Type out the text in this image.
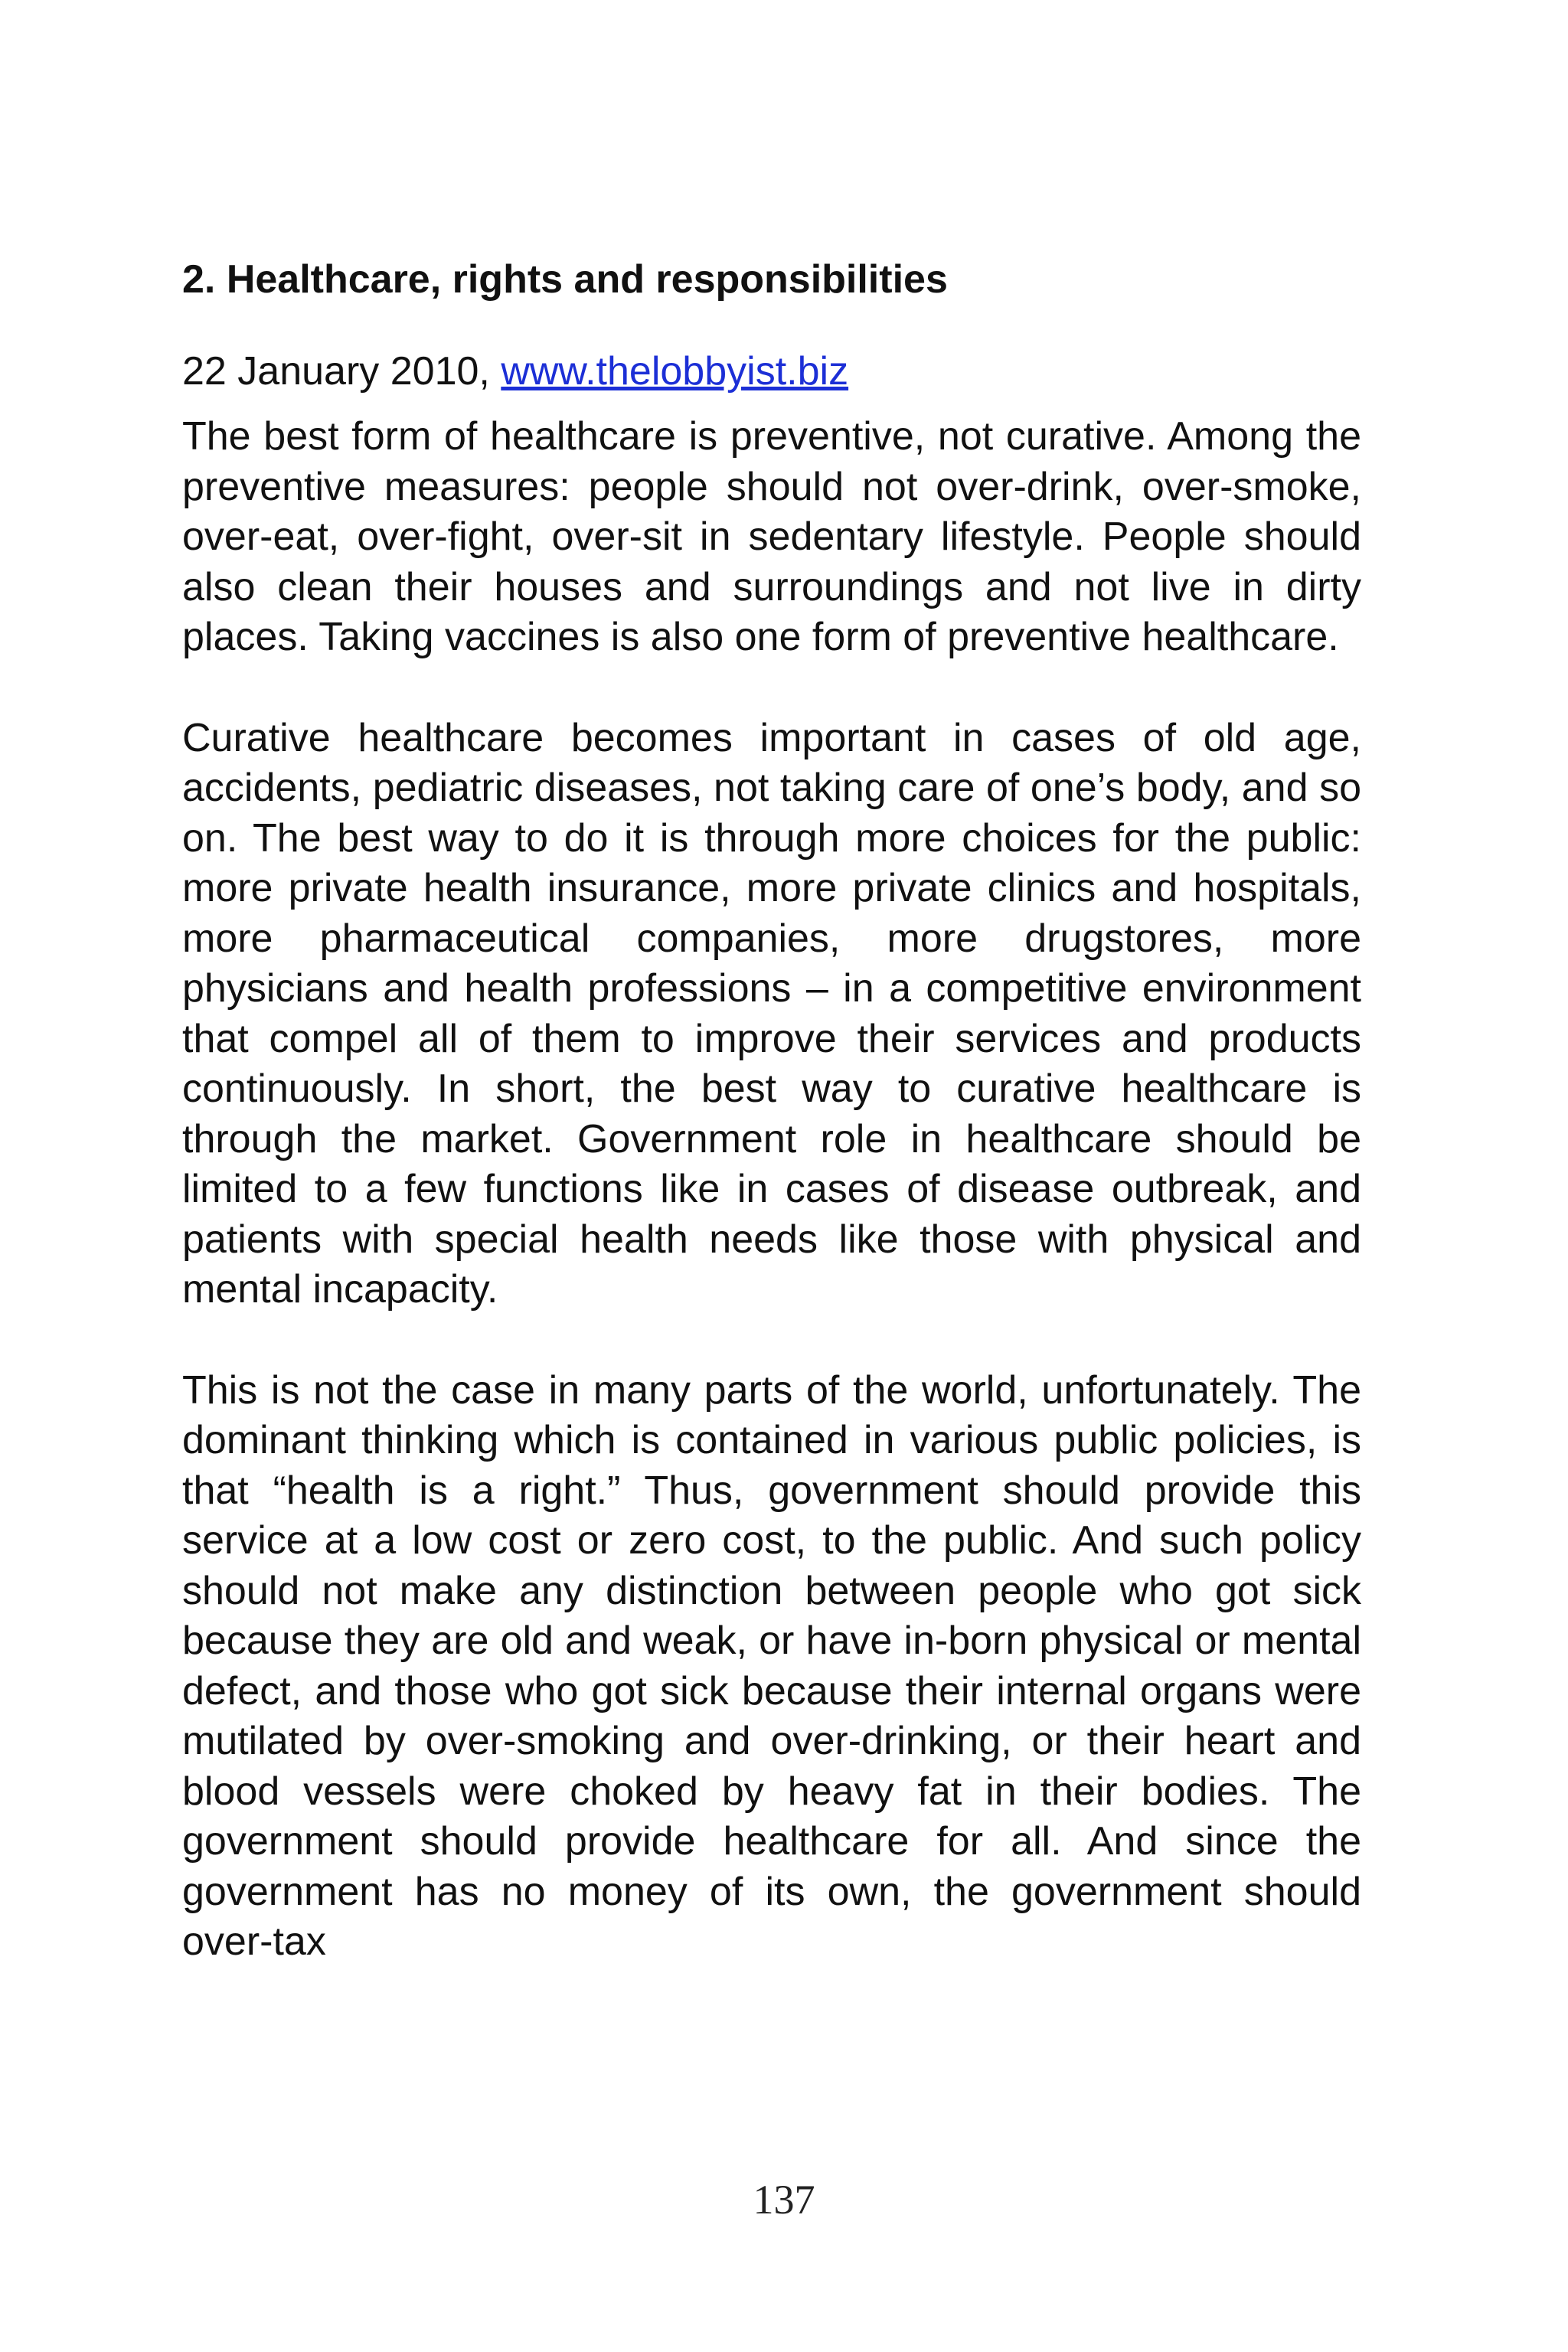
2. Healthcare, rights and responsibilities

22 January 2010, www.thelobbyist.biz

The best form of healthcare is preventive, not curative. Among the preventive measures: people should not over-drink, over-smoke, over-eat, over-fight, over-sit in sedentary lifestyle. People should also clean their houses and surroundings and not live in dirty places. Taking vaccines is also one form of preventive healthcare.

Curative healthcare becomes important in cases of old age, accidents, pediatric diseases, not taking care of one’s body, and so on. The best way to do it is through more choices for the public: more private health insurance, more private clinics and hospitals, more pharmaceutical companies, more drugstores, more physicians and health professions – in a competitive environment that compel all of them to improve their services and products continuously. In short, the best way to curative healthcare is through the market. Government role in healthcare should be limited to a few functions like in cases of disease outbreak, and patients with special health needs like those with physical and mental incapacity.

This is not the case in many parts of the world, unfortunately. The dominant thinking which is contained in various public policies, is that “health is a right.” Thus, government should provide this service at a low cost or zero cost, to the public. And such policy should not make any distinction between people who got sick because they are old and weak, or have in-born physical or mental defect, and those who got sick because their internal organs were mutilated by over-smoking and over-drinking, or their heart and blood vessels were choked by heavy fat in their bodies. The government should provide healthcare for all. And since the government has no money of its own, the government should over-tax

137
